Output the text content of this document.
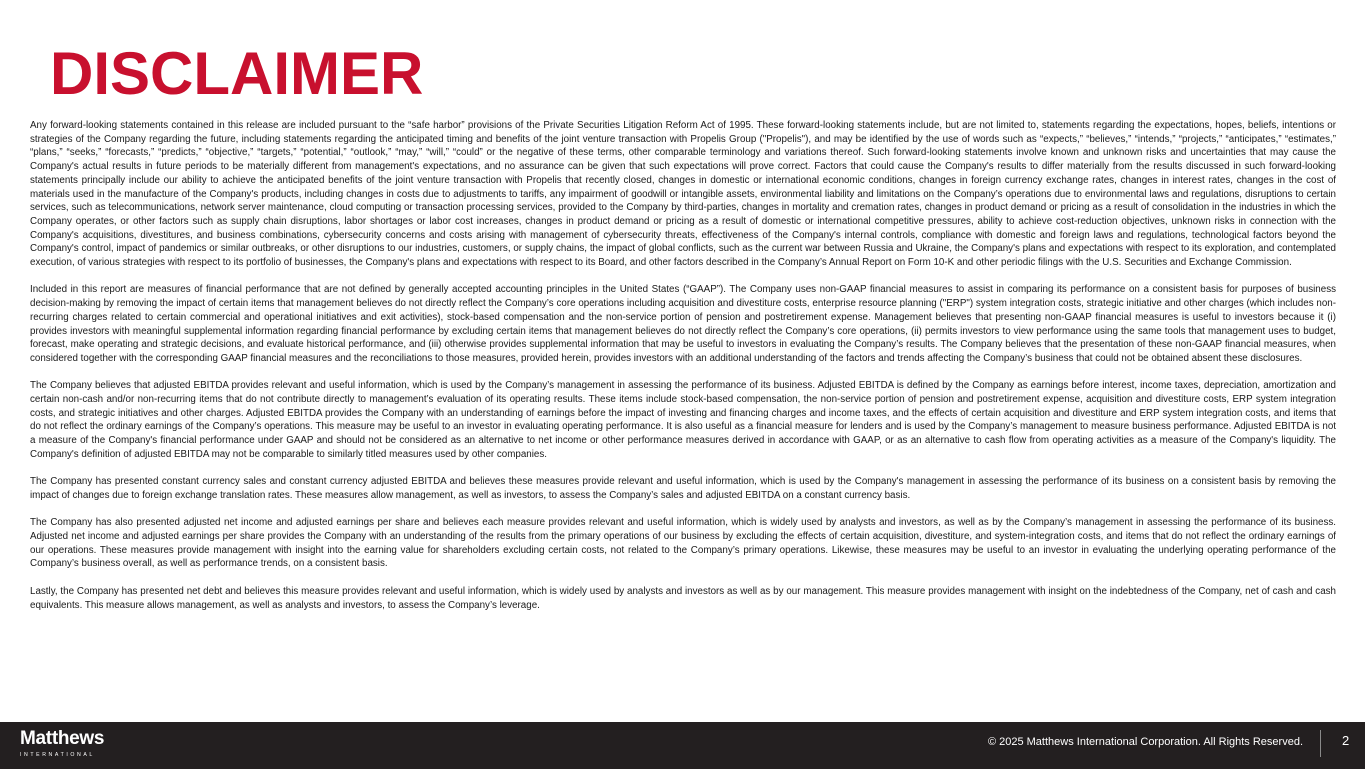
DISCLAIMER

Any forward-looking statements contained in this release are included pursuant to the “safe harbor” provisions of the Private Securities Litigation Reform Act of 1995. These forward-looking statements include, but are not limited to, statements regarding the expectations, hopes, beliefs, intentions or strategies of the Company regarding the future, including statements regarding the anticipated timing and benefits of the joint venture transaction with Propelis Group ("Propelis"), and may be identified by the use of words such as “expects,” “believes,” “intends,” “projects,” “anticipates,” “estimates,” “plans,” “seeks,” “forecasts,” “predicts,” “objective,” “targets,” “potential,” “outlook,” “may,” “will,” “could” or the negative of these terms, other comparable terminology and variations thereof. Such forward-looking statements involve known and unknown risks and uncertainties that may cause the Company's actual results in future periods to be materially different from management's expectations, and no assurance can be given that such expectations will prove correct. Factors that could cause the Company's results to differ materially from the results discussed in such forward-looking statements principally include our ability to achieve the anticipated benefits of the joint venture transaction with Propelis that recently closed, changes in domestic or international economic conditions, changes in foreign currency exchange rates, changes in interest rates, changes in the cost of materials used in the manufacture of the Company's products, including changes in costs due to adjustments to tariffs, any impairment of goodwill or intangible assets, environmental liability and limitations on the Company’s operations due to environmental laws and regulations, disruptions to certain services, such as telecommunications, network server maintenance, cloud computing or transaction processing services, provided to the Company by third-parties, changes in mortality and cremation rates, changes in product demand or pricing as a result of consolidation in the industries in which the Company operates, or other factors such as supply chain disruptions, labor shortages or labor cost increases, changes in product demand or pricing as a result of domestic or international competitive pressures, ability to achieve cost-reduction objectives, unknown risks in connection with the Company's acquisitions, divestitures, and business combinations, cybersecurity concerns and costs arising with management of cybersecurity threats, effectiveness of the Company's internal controls, compliance with domestic and foreign laws and regulations, technological factors beyond the Company's control, impact of pandemics or similar outbreaks, or other disruptions to our industries, customers, or supply chains, the impact of global conflicts, such as the current war between Russia and Ukraine, the Company's plans and expectations with respect to its exploration, and contemplated execution, of various strategies with respect to its portfolio of businesses, the Company's plans and expectations with respect to its Board, and other factors described in the Company’s Annual Report on Form 10-K and other periodic filings with the U.S. Securities and Exchange Commission.

Included in this report are measures of financial performance that are not defined by generally accepted accounting principles in the United States (“GAAP”). The Company uses non-GAAP financial measures to assist in comparing its performance on a consistent basis for purposes of business decision-making by removing the impact of certain items that management believes do not directly reflect the Company’s core operations including acquisition and divestiture costs, enterprise resource planning ("ERP") system integration costs, strategic initiative and other charges (which includes non-recurring charges related to certain commercial and operational initiatives and exit activities), stock-based compensation and the non-service portion of pension and postretirement expense. Management believes that presenting non-GAAP financial measures is useful to investors because it (i) provides investors with meaningful supplemental information regarding financial performance by excluding certain items that management believes do not directly reflect the Company’s core operations, (ii) permits investors to view performance using the same tools that management uses to budget, forecast, make operating and strategic decisions, and evaluate historical performance, and (iii) otherwise provides supplemental information that may be useful to investors in evaluating the Company’s results. The Company believes that the presentation of these non-GAAP financial measures, when considered together with the corresponding GAAP financial measures and the reconciliations to those measures, provided herein, provides investors with an additional understanding of the factors and trends affecting the Company’s business that could not be obtained absent these disclosures.

The Company believes that adjusted EBITDA provides relevant and useful information, which is used by the Company’s management in assessing the performance of its business. Adjusted EBITDA is defined by the Company as earnings before interest, income taxes, depreciation, amortization and certain non-cash and/or non-recurring items that do not contribute directly to management’s evaluation of its operating results. These items include stock-based compensation, the non-service portion of pension and postretirement expense, acquisition and divestiture costs, ERP system integration costs, and strategic initiatives and other charges. Adjusted EBITDA provides the Company with an understanding of earnings before the impact of investing and financing charges and income taxes, and the effects of certain acquisition and divestiture and ERP system integration costs, and items that do not reflect the ordinary earnings of the Company’s operations. This measure may be useful to an investor in evaluating operating performance. It is also useful as a financial measure for lenders and is used by the Company’s management to measure business performance. Adjusted EBITDA is not a measure of the Company's financial performance under GAAP and should not be considered as an alternative to net income or other performance measures derived in accordance with GAAP, or as an alternative to cash flow from operating activities as a measure of the Company's liquidity. The Company's definition of adjusted EBITDA may not be comparable to similarly titled measures used by other companies.

The Company has presented constant currency sales and constant currency adjusted EBITDA and believes these measures provide relevant and useful information, which is used by the Company's management in assessing the performance of its business on a consistent basis by removing the impact of changes due to foreign exchange translation rates. These measures allow management, as well as investors, to assess the Company’s sales and adjusted EBITDA on a constant currency basis.

The Company has also presented adjusted net income and adjusted earnings per share and believes each measure provides relevant and useful information, which is widely used by analysts and investors, as well as by the Company’s management in assessing the performance of its business. Adjusted net income and adjusted earnings per share provides the Company with an understanding of the results from the primary operations of our business by excluding the effects of certain acquisition, divestiture, and system-integration costs, and items that do not reflect the ordinary earnings of our operations. These measures provide management with insight into the earning value for shareholders excluding certain costs, not related to the Company’s primary operations. Likewise, these measures may be useful to an investor in evaluating the underlying operating performance of the Company’s business overall, as well as performance trends, on a consistent basis.

Lastly, the Company has presented net debt and believes this measure provides relevant and useful information, which is widely used by analysts and investors as well as by our management. This measure provides management with insight on the indebtedness of the Company, net of cash and cash equivalents. This measure allows management, as well as analysts and investors, to assess the Company’s leverage.

Matthews
INTERNATIONAL
© 2025 Matthews International Corporation. All Rights Reserved.	2
